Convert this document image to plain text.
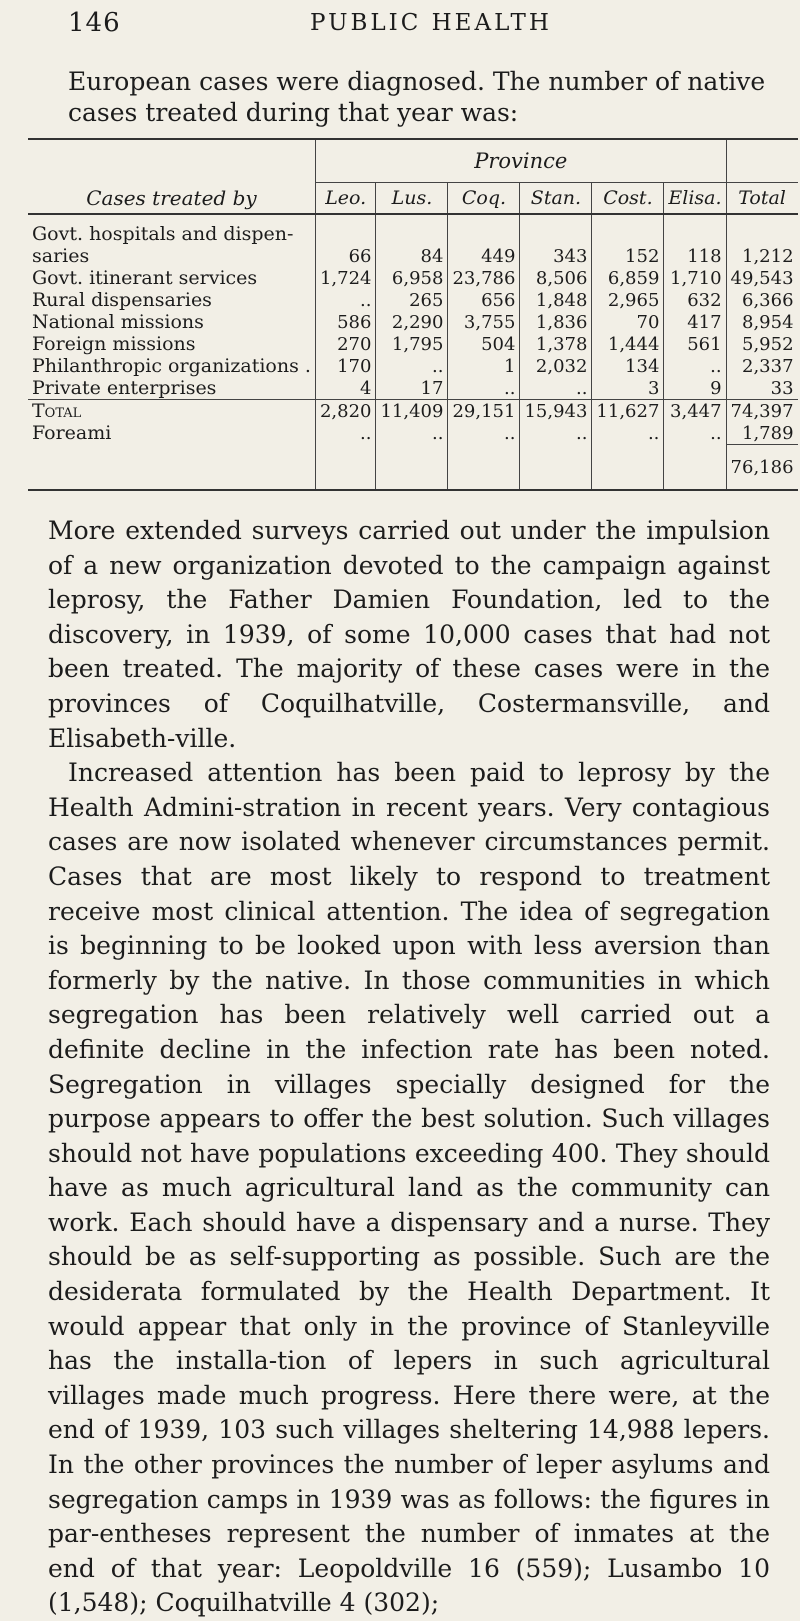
146	PUBLIC HEALTH
European cases were diagnosed. The number of native cases treated during that year was:
	Province						
Cases treated by	Leo.	Lus.	Coq.	Stan.	Cost.	Elisa.	Total
Govt. hospitals and dispen-							
saries	66	84	449	343	152	118	1,212
Govt. itinerant services	1,724	6,958	23,786	8,506	6,859	1,710	49,543
Rural dispensaries	..	265	656	1,848	2,965	632	6,366
National missions	586	2,290	3,755	1,836	70	417	8,954
Foreign missions	270	1,795	504	1,378	1,444	561	5,952
Philanthropic organizations .	170	..	1	2,032	134	..	2,337
Private enterprises	4	17	..	..	3	9	33
Total	2,820	11,409	29,151	15,943	11,627	3,447	74,397
Foreami	..	..	..	..	..	..	1,789
							76,186

More extended surveys carried out under the impulsion of a new organization devoted to the campaign against leprosy, the Father Damien Foundation, led to the discovery, in 1939, of some 10,000 cases that had not been treated. The majority of these cases were in the provinces of Coquilhatville, Costermansville, and Elisabeth-ville.

Increased attention has been paid to leprosy by the Health Admini-stration in recent years. Very contagious cases are now isolated whenever circumstances permit. Cases that are most likely to respond to treatment receive most clinical attention. The idea of segregation is beginning to be looked upon with less aversion than formerly by the native. In those communities in which segregation has been relatively well carried out a definite decline in the infection rate has been noted. Segregation in villages specially designed for the purpose appears to offer the best solution. Such villages should not have populations exceeding 400. They should have as much agricultural land as the community can work. Each should have a dispensary and a nurse. They should be as self-supporting as possible. Such are the desiderata formulated by the Health Department. It would appear that only in the province of Stanleyville has the installa-tion of lepers in such agricultural villages made much progress. Here there were, at the end of 1939, 103 such villages sheltering 14,988 lepers. In the other provinces the number of leper asylums and segregation camps in 1939 was as follows: the figures in par-entheses represent the number of inmates at the end of that year: Leopoldville 16 (559); Lusambo 10 (1,548); Coquilhatville 4 (302);
